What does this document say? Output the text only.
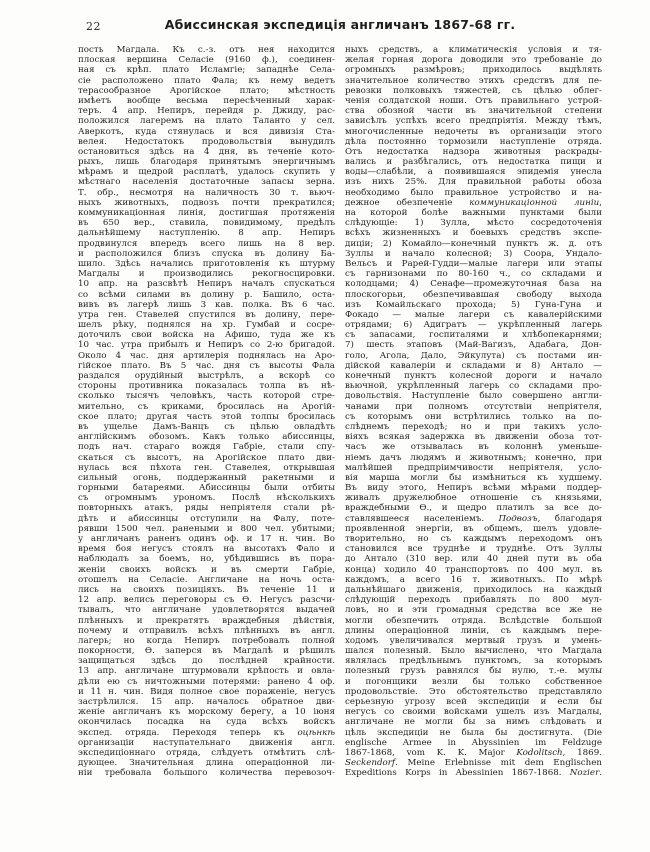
22	Абиссинская экспедиція англичанъ 1867-68 гг.
пость Магдала. Къ с.-з. отъ нея находится
плоская вершина Селасіе (9160 ф.), соединен-
ная съ крѣп. плато Исламгіе; западнѣе Села-
сіе расположено плато Фала; къ нему ведетъ
терасообразное Арогійское плато; мѣстность
имѣетъ вообще весьма пересѣченный харак-
теръ. 4 апр. Непиръ, перейдя р. Джиду, рас-
положился лагеремъ на плато Таланто у сел.
Аверкотъ, куда стянулась и вся дивизія Ста-
велея. Недостатокъ продовольствія вынудилъ
остановиться здѣсь на 4 дня, въ теченіе кото-
рыхъ, лишь благодаря принятымъ энергичнымъ
мѣрамъ и щедрой расплатѣ, удалось скупить у
мѣстнаго населенія достаточные запасы зерна.
Т. обр., несмотря на наличность 30 т. вьюч-
ныхъ животныхъ, подвозъ почти прекратился;
коммуникаціонная линія, достигшая протяженія
въ 650 вер., ставила, повидимому, предѣлъ
дальнѣйшему наступленію. 8 апр. Непиръ
продвинулся впередъ всего лишь на 8 вер.
и расположился близъ спуска въ долину Ба-
шило. Здѣсь начались приготовленія къ штурму
Магдалы и производились рекогносцировки.
10 апр. на разсвѣтѣ Непиръ началъ спускаться
со всѣми силами въ долину р. Башило, оста-
вивъ въ лагерѣ лишь 3 кав. полка. Въ 6 час.
утра ген. Ставелей спустился въ долину, пере-
шелъ рѣку, поднялся на хр. Гумбай и сосре-
доточилъ свои войска на Афишо, туда же къ
10 час. утра прибылъ и Непиръ со 2-ю бригадой.
Около 4 час. дня артилерія поднялась на Аро-
гійское плато. Въ 5 час. дня съ высоты Фала
раздался орудійный выстрѣлъ, а вскорѣ со
стороны противника показалась толпа въ нѣ-
сколько тысячъ человѣкъ, часть которой стре-
мительно, съ криками, бросилась на Арогій-
ское плато; другая часть этой толпы бросилась
въ ущелье Дамъ-Ванцъ съ цѣлью овладѣть
англійскимъ обозомъ. Какъ только абиссинцы,
подъ нач. стараго вождя Габріе, стали спу-
скаться съ высотъ, на Арогійское плато дви-
нулась вся пѣхота ген. Ставелея, открывшая
сильный огонь, поддержанный ракетными и
горными батареями. Абиссинцы были отбиты
съ огромнымъ урономъ. Послѣ нѣсколькихъ
повторныхъ атакъ, ряды непріятеля стали рѣ-
дѣть и абиссинцы отступили на Фалу, поте-
рявши 1500 чел. ранеными и 800 чел. убитыми;
у англичанъ раненъ одинъ оф. и 17 н. чин. Во
время боя негусъ стоялъ на высотахъ Фало и
наблюдалъ за боемъ, но, убѣдившись въ пора-
женіи своихъ войскъ и въ смерти Габріе,
отошелъ на Селасіе. Англичане на ночь оста-
лись на своихъ позиціяхъ. Въ теченіе 11 и
12 апр. велись переговоры съ Ѳ. Негусъ разсчи-
тывалъ, что англичане удовлетворятся выдачей
плѣнныхъ и прекратятъ враждебныя дѣйствія,
почему и отправилъ всѣхъ плѣнныхъ въ англ.
лагерь; но когда Непиръ потребовалъ полной
покорности, Ѳ. заперся въ Магдалѣ и рѣшилъ
защищаться здѣсь до послѣдней крайности.
13 апр. англичане штурмовали крѣпость и овла-
дѣли ею съ ничтожными потерями: ранено 4 оф.
и 11 н. чин. Видя полное свое пораженіе, негусъ
застрѣлился. 15 апр. началось обратное дви-
женіе англичанъ къ морскому берегу, а 10 іюня
окончилась посадка на суда всѣхъ войскъ
экспед. отряда. Переходя теперь къ оцѣнкѣ
организаціи наступательнаго движенія англ.
экспедиціоннаго отряда, слѣдуетъ отмѣтить слѣ-
дующее. Значительная длина операціонной ли-
ніи требовала большого количества перевозоч-
ныхъ средствъ, а климатическія условія и тя-
желая горная дорога доводили это требованіе до
огромныхъ размѣровъ; приходилось выдѣлять
значительное количество этихъ средствъ для пе-
ревозки полковыхъ тяжестей, съ цѣлью облег-
ченія солдатской ноши. Отъ правильнаго устрой-
ства обозной части въ значительной степени
зависѣлъ успѣхъ всего предпріятія. Между тѣмъ,
многочисленные недочеты въ организаціи этого
дѣла постоянно тормозили наступленіе отряда.
Отъ недостатка надзора животныя раскрады-
вались и разбѣгались, отъ недостатка пищи и
воды—слабѣли, а появившаяся эпидемія унесла
изъ нихъ 25%. Для правильной работы обоза
необходимо было правильное устройство и на-
дежное обезпеченіе коммуникаціонной линіи,
на которой болѣе важными пунктами были
слѣдующіе: 1) Зулла, мѣсто сосредоточенія
всѣхъ жизненныхъ и боевыхъ средствъ экспе-
диціи; 2) Комайло—конечный пунктъ ж. д. отъ
Зуллы и начало колесной; 3) Соора, Ундало-
Вельсъ и Рарей-Гудди—малые лагери или этапы
съ гарнизонами по 80-160 ч., со складами и
колодцами; 4) Сенафе—промежуточная база на
плоскогорьи, обезпечивавшая свободу выхода
изъ Комайльскаго прохода; 5) Гуна-Гуна и
Фокадо — малые лагери съ кавалерійскими
отрядами; 6) Адигратъ — укрѣпленный лагерь
съ запасами, госпиталями и хлѣбопекарнями;
7) шесть этаповъ (Май-Вагизъ, Адабага, Дон-
голо, Агола, Дало, Эйкулута) съ постами ин-
дійской кавалеріи и складами и 8) Антало —
конечный пунктъ колесной дороги и начало
вьючной, укрѣпленный лагерь со складами про-
довольствія. Наступленіе было совершено англи-
чанами при полномъ отсутствіи непріятеля,
съ которымъ они встрѣтились только на по-
слѣднемъ переходѣ; но и при такихъ усло-
віяхъ всякая задержка въ движеніи обоза тот-
часъ же отзывалась въ колоннѣ уменьше-
ніемъ дачъ людямъ и животнымъ; конечно, при
малѣйшей предпріимчивости непріятеля, усло-
вія марша могли бы измѣниться къ худшему.
Въ виду этого, Непиръ всѣми мѣрами поддер-
живалъ дружелюбное отношеніе съ князьями,
враждебными Ѳ., и щедро платилъ за все до-
ставлявшееся населеніемъ. Подвозъ, благодаря
проявленной энергіи, въ общемъ, шелъ удовле-
творительно, но съ каждымъ переходомъ онъ
становился все труднѣе и труднѣе. Отъ Зуллы
до Антало (310 вер. или 40 дней пути въ оба
конца) ходило 40 транспортовъ по 400 мул. въ
каждомъ, а всего 16 т. животныхъ. По мѣрѣ
дальнѣйшаго движенія, приходилось на каждый
слѣдующій переходъ прибавлять по 800 мул-
ловъ, но и эти громадныя средства все же не
могли обезпечить отряда. Вслѣдствіе большой
длины операціонной линіи, съ каждымъ пере-
ходомъ увеличивался мертвый грузъ и умень-
шался полезный. Было вычислено, что Магдала
являлась предѣльнымъ пунктомъ, за которымъ
полезный грузъ равнялся бы нулю, т.-е. мулы
и погонщики везли бы только собственное
продовольствіе. Это обстоятельство представляло
серьезную угрозу всей экспедиціи и если бы
негусъ со своими войсками ушелъ изъ Магдалы,
англичане не могли бы за нимъ слѣдовать и
цѣль экспедиціи не была бы достигнута. (Die
englische Armee in Abyssinien im Feldzuge
1867-1868, vom K. K. Major Kodolitsch, 1869.
Seckendorf. Meine Erlebnisse mit dem Englischen
Expeditions Korps in Abessinien 1867-1868. Nozier.
